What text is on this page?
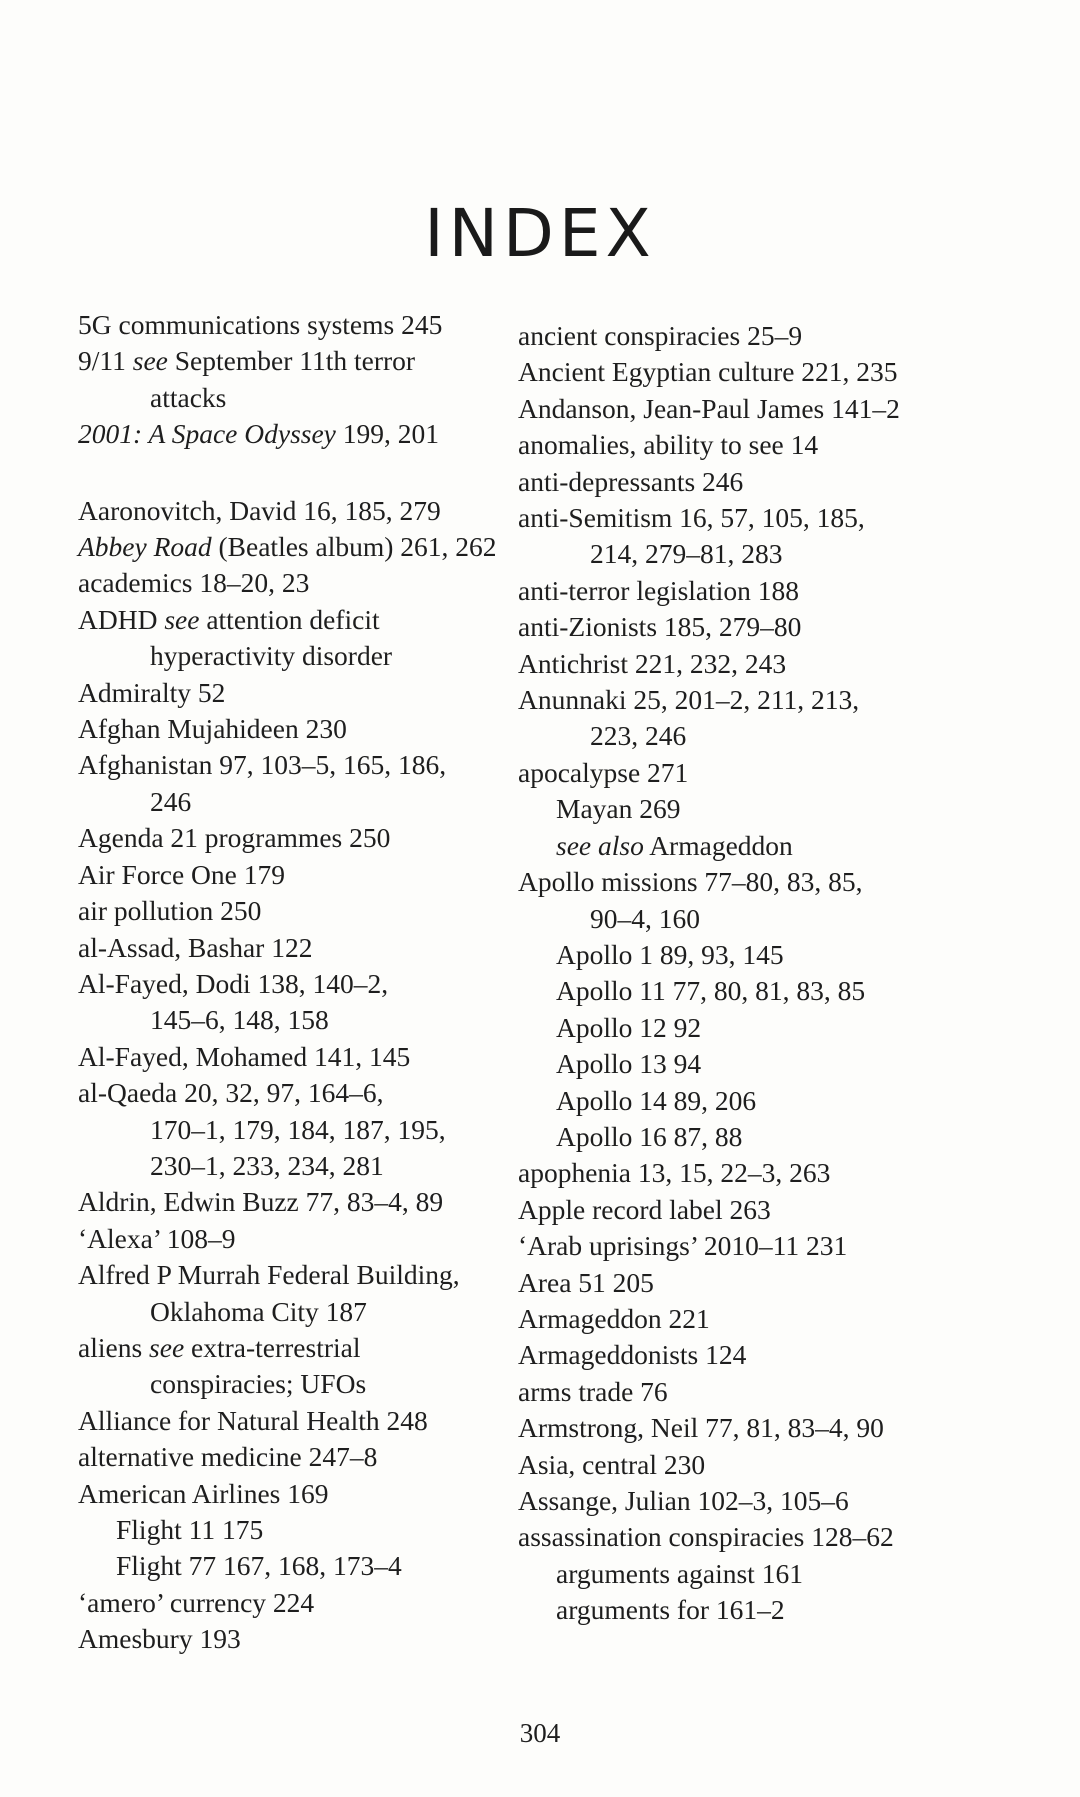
INDEX
5G communications systems 245
9/11 see September 11th terror
attacks
2001: A Space Odyssey 199, 201
Aaronovitch, David 16, 185, 279
Abbey Road (Beatles album) 261, 262
academics 18–20, 23
ADHD see attention deficit
hyperactivity disorder
Admiralty 52
Afghan Mujahideen 230
Afghanistan 97, 103–5, 165, 186,
246
Agenda 21 programmes 250
Air Force One 179
air pollution 250
al-Assad, Bashar 122
Al-Fayed, Dodi 138, 140–2,
145–6, 148, 158
Al-Fayed, Mohamed 141, 145
al-Qaeda 20, 32, 97, 164–6,
170–1, 179, 184, 187, 195,
230–1, 233, 234, 281
Aldrin, Edwin Buzz 77, 83–4, 89
‘Alexa’ 108–9
Alfred P Murrah Federal Building,
Oklahoma City 187
aliens see extra-terrestrial
conspiracies; UFOs
Alliance for Natural Health 248
alternative medicine 247–8
American Airlines 169
Flight 11 175
Flight 77 167, 168, 173–4
‘amero’ currency 224
Amesbury 193
ancient conspiracies 25–9
Ancient Egyptian culture 221, 235
Andanson, Jean-Paul James 141–2
anomalies, ability to see 14
anti-depressants 246
anti-Semitism 16, 57, 105, 185,
214, 279–81, 283
anti-terror legislation 188
anti-Zionists 185, 279–80
Antichrist 221, 232, 243
Anunnaki 25, 201–2, 211, 213,
223, 246
apocalypse 271
Mayan 269
see also Armageddon
Apollo missions 77–80, 83, 85,
90–4, 160
Apollo 1 89, 93, 145
Apollo 11 77, 80, 81, 83, 85
Apollo 12 92
Apollo 13 94
Apollo 14 89, 206
Apollo 16 87, 88
apophenia 13, 15, 22–3, 263
Apple record label 263
‘Arab uprisings’ 2010–11 231
Area 51 205
Armageddon 221
Armageddonists 124
arms trade 76
Armstrong, Neil 77, 81, 83–4, 90
Asia, central 230
Assange, Julian 102–3, 105–6
assassination conspiracies 128–62
arguments against 161
arguments for 161–2
304
